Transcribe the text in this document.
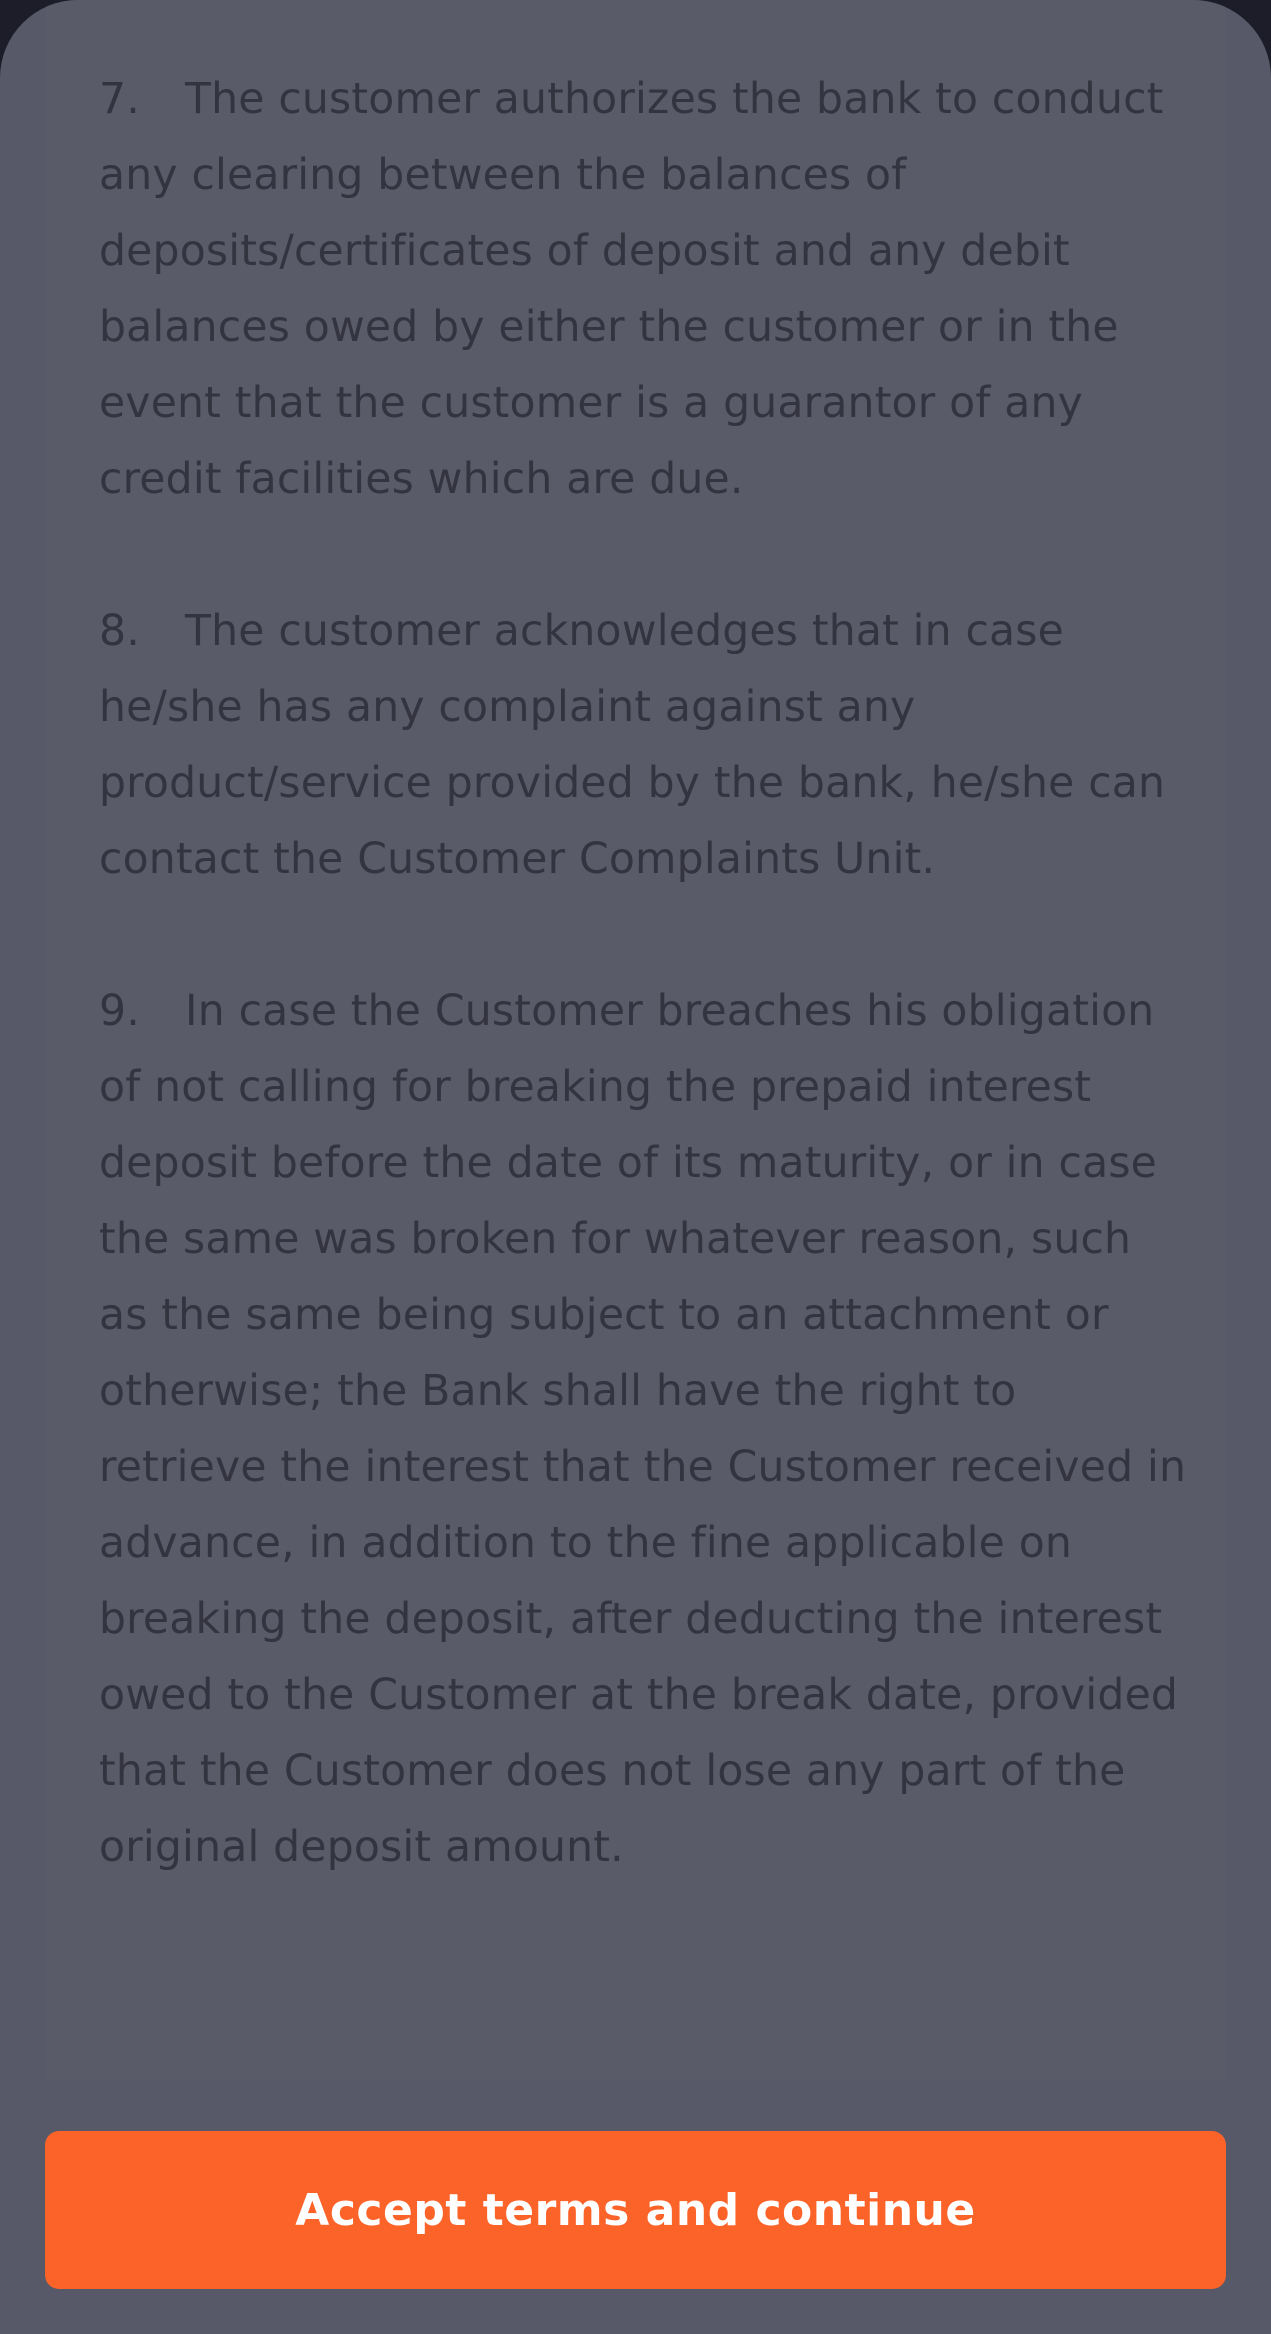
7. The customer authorizes the bank to conduct any clearing between the balances of deposits/certificates of deposit and any debit balances owed by either the customer or in the event that the customer is a guarantor of any credit facilities which are due.

8. The customer acknowledges that in case he/she has any complaint against any product/service provided by the bank, he/she can contact the Customer Complaints Unit.

9. In case the Customer breaches his obligation of not calling for breaking the prepaid interest deposit before the date of its maturity, or in case the same was broken for whatever reason, such as the same being subject to an attachment or otherwise; the Bank shall have the right to retrieve the interest that the Customer received in advance, in addition to the fine applicable on breaking the deposit, after deducting the interest owed to the Customer at the break date, provided that the Customer does not lose any part of the original deposit amount.

Accept terms and continue
